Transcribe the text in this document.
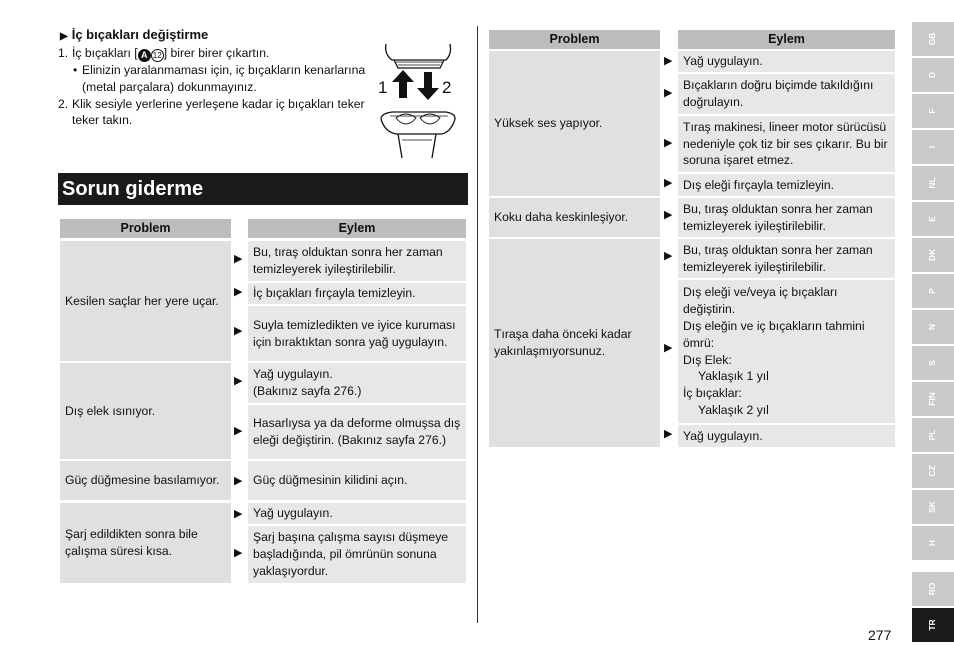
▶ İç bıçakları değiştirme
1. İç bıçakları [ A 12 ] birer birer çıkartın.
• Elinizin yaralanmaması için, iç bıçakların kenarlarına (metal parçalara) dokunmayınız.
2. Klik sesiyle yerlerine yerleşene kadar iç bıçakları teker teker takın.
1	2
Sorun giderme
Problem	Eylem
Kesilen saçlar her yere uçar.
▶ Bu, tıraş olduktan sonra her zaman temizleyerek iyileştirilebilir.
▶ İç bıçakları fırçayla temizleyin.
▶ Suyla temizledikten ve iyice kuruması için bıraktıktan sonra yağ uygulayın.
Dış elek ısınıyor.
▶ Yağ uygulayın. (Bakınız sayfa 276.)
▶
Hasarlıysa ya da deforme olmuşsa dış eleği değiştirin. (Bakınız sayfa 276.)
Güç düğmesine basılamıyor. ▶ Güç düğmesinin kilidini açın.
Şarj edildikten sonra bile çalışma süresi kısa.
▶ Yağ uygulayın.
▶
Şarj başına çalışma sayısı düşmeye başladığında, pil ömrünün sonuna yaklaşıyordur.
Problem	Eylem
Yüksek ses yapıyor.
▶ Yağ uygulayın.
▶
Bıçakların doğru biçimde takıldığını doğrulayın.
▶
Tıraş makinesi, lineer motor sürücüsü nedeniyle çok tiz bir ses çıkarır. Bu bir soruna işaret etmez.
▶ Dış eleği fırçayla temizleyin.
Koku daha keskinleşiyor.	▶ Bu, tıraş olduktan sonra her zaman temizleyerek iyileştirilebilir.
Tıraşa daha önceki kadar yakınlaşmıyorsunuz.
▶ Bu, tıraş olduktan sonra her zaman temizleyerek iyileştirilebilir.
▶
Dış eleği ve/veya iç bıçakları değiştirin.
Dış eleğin ve iç bıçakların tahmini ömrü:
Dış Elek:
Yaklaşık 1 yıl
İç bıçaklar:
Yaklaşık 2 yıl
▶ Yağ uygulayın.
GB
D
F
I
NL
E
DK
P
N
S
FIN
PL
CZ
SK
H
RO
TR
277
